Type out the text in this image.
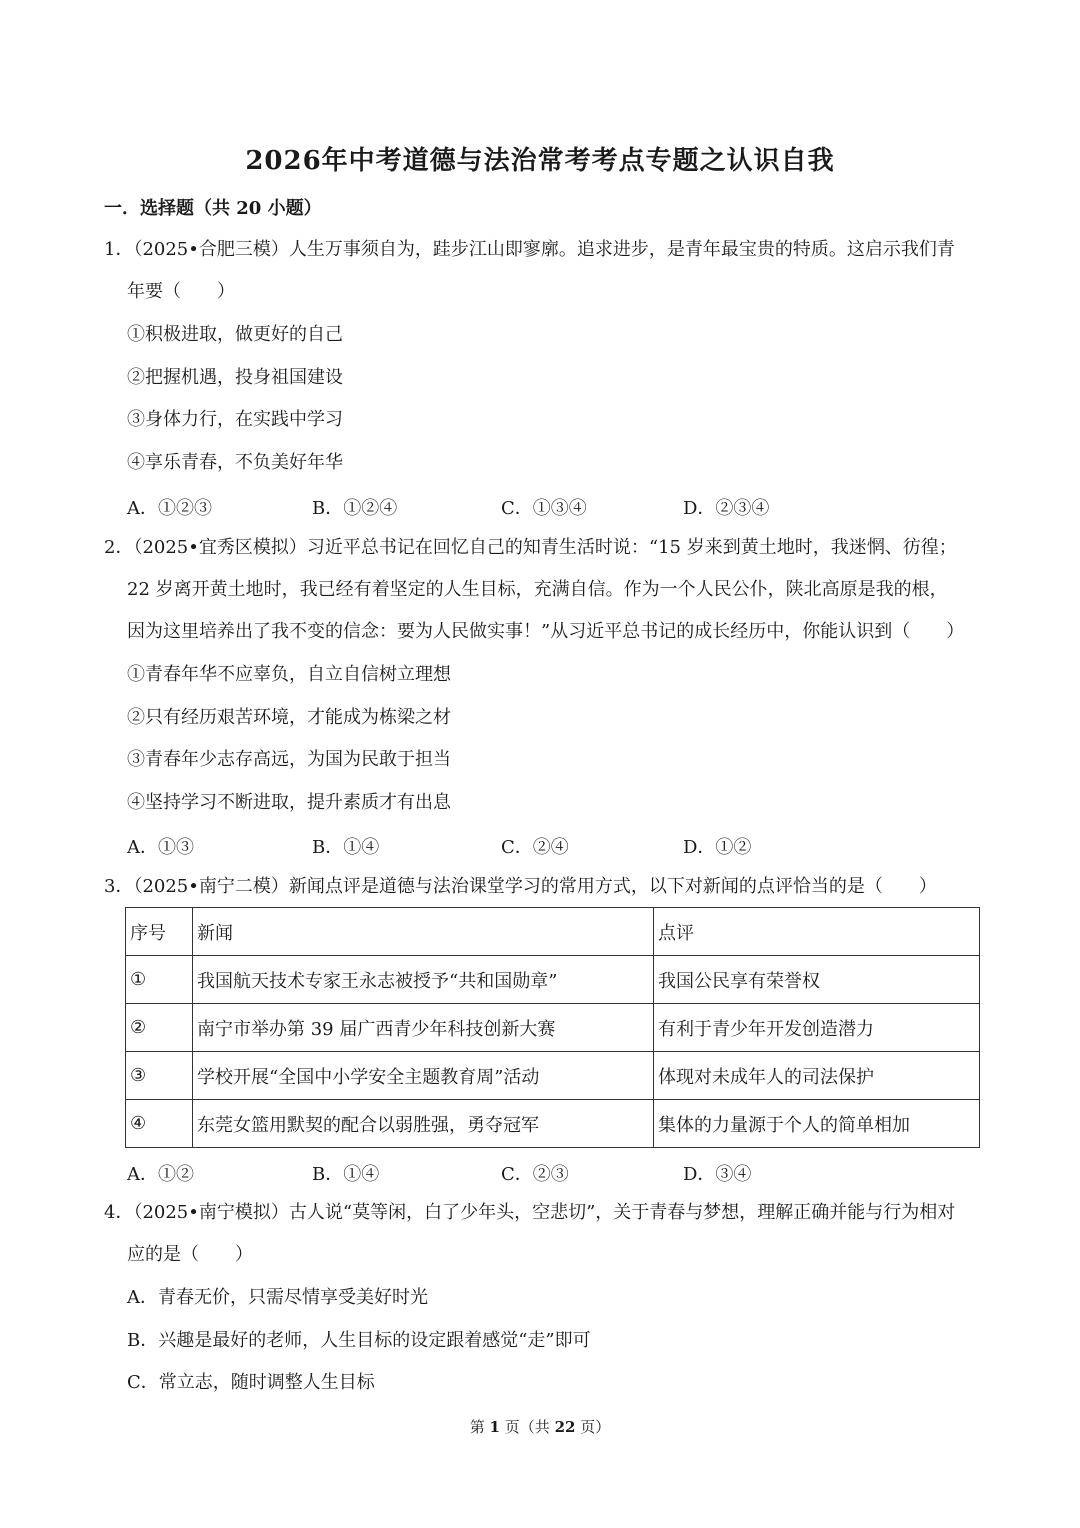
2026年中考道德与法治常考考点专题之认识自我
一．选择题（共 20 小题）
1．（2025•合肥三模）人生万事须自为，跬步江山即寥廓。追求进步，是青年最宝贵的特质。这启示我们青
年要（　　）
①积极进取，做更好的自己
②把握机遇，投身祖国建设
③身体力行，在实践中学习
④享乐青春，不负美好年华
A．①②③	B．①②④	C．①③④	D．②③④
2．（2025•宜秀区模拟）习近平总书记在回忆自己的知青生活时说：“15 岁来到黄土地时，我迷惘、彷徨；
22 岁离开黄土地时，我已经有着坚定的人生目标，充满自信。作为一个人民公仆，陕北高原是我的根，
因为这里培养出了我不变的信念：要为人民做实事！”从习近平总书记的成长经历中，你能认识到（　　）
①青春年华不应辜负，自立自信树立理想
②只有经历艰苦环境，才能成为栋梁之材
③青春年少志存高远，为国为民敢于担当
④坚持学习不断进取，提升素质才有出息
A．①③	B．①④	C．②④	D．①②
3．（2025•南宁二模）新闻点评是道德与法治课堂学习的常用方式，以下对新闻的点评恰当的是（　　）
序号	新闻	点评
①	我国航天技术专家王永志被授予“共和国勋章”	我国公民享有荣誉权
②	南宁市举办第 39 届广西青少年科技创新大赛	有利于青少年开发创造潜力
③	学校开展“全国中小学安全主题教育周”活动	体现对未成年人的司法保护
④	东莞女篮用默契的配合以弱胜强，勇夺冠军	集体的力量源于个人的简单相加
A．①②	B．①④	C．②③	D．③④
4．（2025•南宁模拟）古人说“莫等闲，白了少年头，空悲切”，关于青春与梦想，理解正确并能与行为相对
应的是（　　）
A．青春无价，只需尽情享受美好时光
B．兴趣是最好的老师，人生目标的设定跟着感觉“走”即可
C．常立志，随时调整人生目标
第 1 页（共 22 页）
